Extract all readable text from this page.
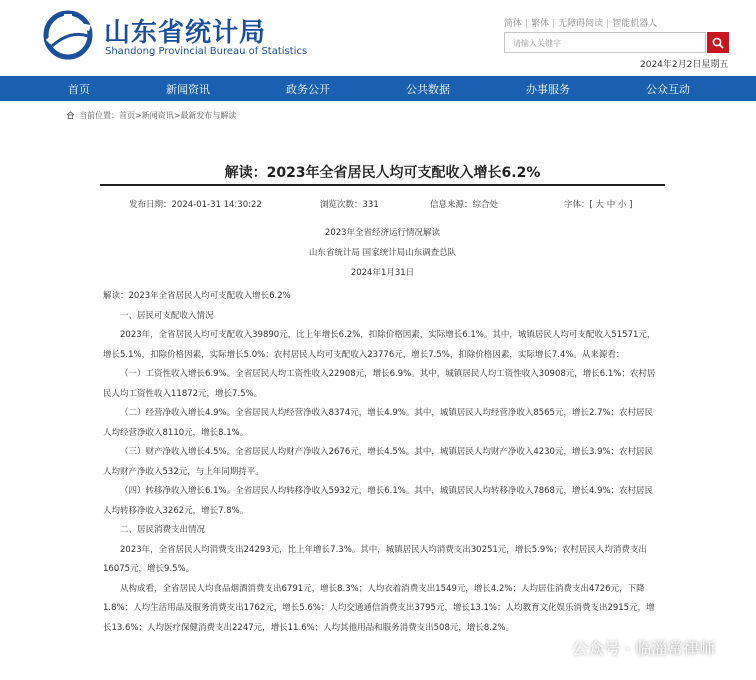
山东省统计局
Shandong Provincial Bureau of Statistics
简体 | 繁体 | 无障碍阅读 | 智能机器人
请输入关键字
2024年2月2日星期五
首页	新闻资讯	政务公开	公共数据	办事服务	公众互动
当前位置：首页>新闻资讯>最新发布与解读
解读：2023年全省居民人均可支配收入增长6.2%
发布日期：2024-01-31 14:30:22	浏览次数：331	信息来源：综合处	字体：[ 大 中 小 ]
2023年全省经济运行情况解读
山东省统计局 国家统计局山东调查总队
2024年1月31日

解读：2023年全省居民人均可支配收入增长6.2%

一、居民可支配收入情况

2023年，全省居民人均可支配收入39890元，比上年增长6.2%，扣除价格因素，实际增长6.1%。其中，城镇居民人均可支配收入51571元，增长5.1%，扣除价格因素，实际增长5.0%；农村居民人均可支配收入23776元，增长7.5%，扣除价格因素，实际增长7.4%。从来源看：

（一）工资性收入增长6.9%。全省居民人均工资性收入22908元，增长6.9%。其中，城镇居民人均工资性收入30908元，增长6.1%；农村居民人均工资性收入11872元，增长7.5%。

（二）经营净收入增长4.9%。全省居民人均经营净收入8374元，增长4.9%。其中，城镇居民人均经营净收入8565元，增长2.7%；农村居民人均经营净收入8110元，增长8.1%。

（三）财产净收入增长4.5%。全省居民人均财产净收入2676元，增长4.5%。其中，城镇居民人均财产净收入4230元，增长3.9%；农村居民人均财产净收入532元，与上年同期持平。

（四）转移净收入增长6.1%。全省居民人均转移净收入5932元，增长6.1%。其中，城镇居民人均转移净收入7868元，增长4.9%；农村居民人均转移净收入3262元，增长7.8%。

二、居民消费支出情况

2023年，全省居民人均消费支出24293元，比上年增长7.3%。其中，城镇居民人均消费支出30251元，增长5.9%；农村居民人均消费支出16075元，增长9.5%。

从构成看，全省居民人均食品烟酒消费支出6791元，增长8.3%；人均衣着消费支出1549元，增长4.2%；人均居住消费支出4726元，下降1.8%；人均生活用品及服务消费支出1762元，增长5.6%；人均交通通信消费支出3795元，增长13.1%；人均教育文化娱乐消费支出2915元，增长13.6%；人均医疗保健消费支出2247元，增长11.6%；人均其他用品和服务消费支出508元，增长8.2%。

公众号 · 临淄常律师
